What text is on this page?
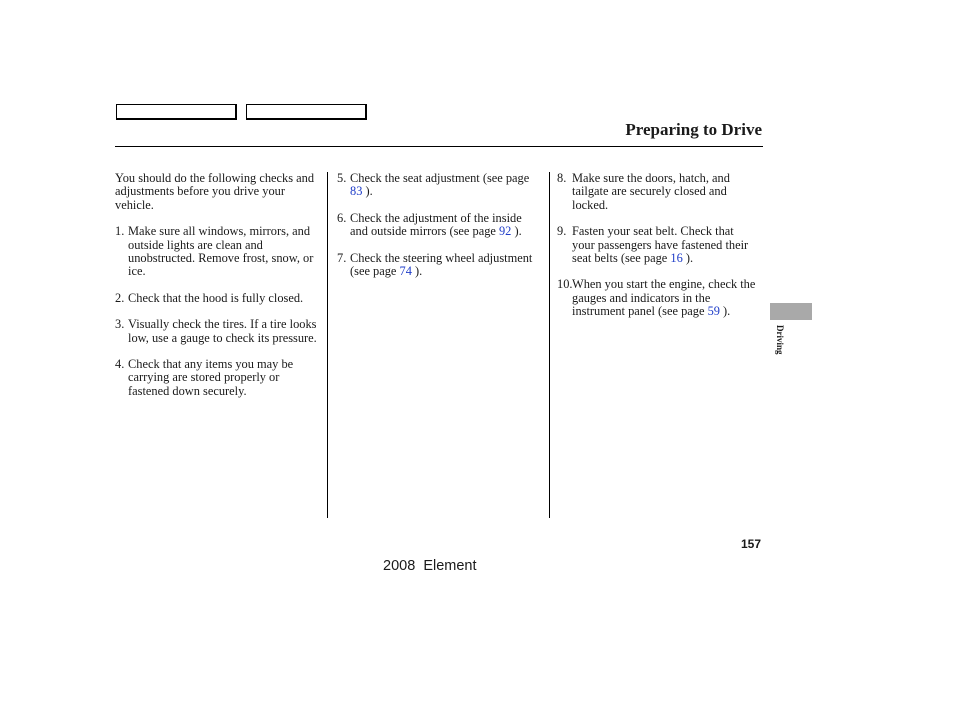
Preparing to Drive

You should do the following checks and adjustments before you drive your vehicle.

1. Make sure all windows, mirrors, and outside lights are clean and unobstructed. Remove frost, snow, or ice.
2. Check that the hood is fully closed.
3. Visually check the tires. If a tire looks low, use a gauge to check its pressure.
4. Check that any items you may be carrying are stored properly or fastened down securely.
5. Check the seat adjustment (see page 83 ).
6. Check the adjustment of the inside and outside mirrors (see page 92 ).
7. Check the steering wheel adjustment (see page 74 ).
8. Make sure the doors, hatch, and tailgate are securely closed and locked.
9. Fasten your seat belt. Check that your passengers have fastened their seat belts (see page 16 ).
10.When you start the engine, check the gauges and indicators in the instrument panel (see page 59 ).
Driving
157
2008  Element
